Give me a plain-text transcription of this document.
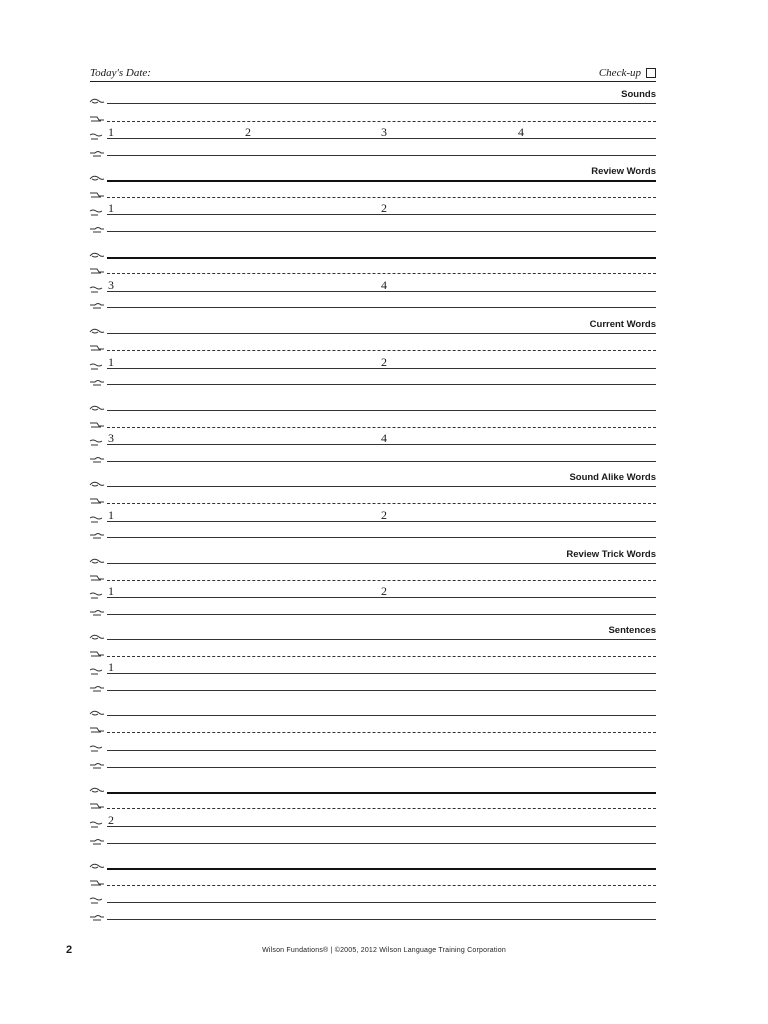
Today's Date:	Check-up
Sounds
1	2	3	4
Review Words
1	2
3	4
Current Words
1	2
3	4
Sound Alike Words
1	2
Review Trick Words
1	2
Sentences
1
2
2	Wilson Fundations® | ©2005, 2012 Wilson Language Training Corporation
